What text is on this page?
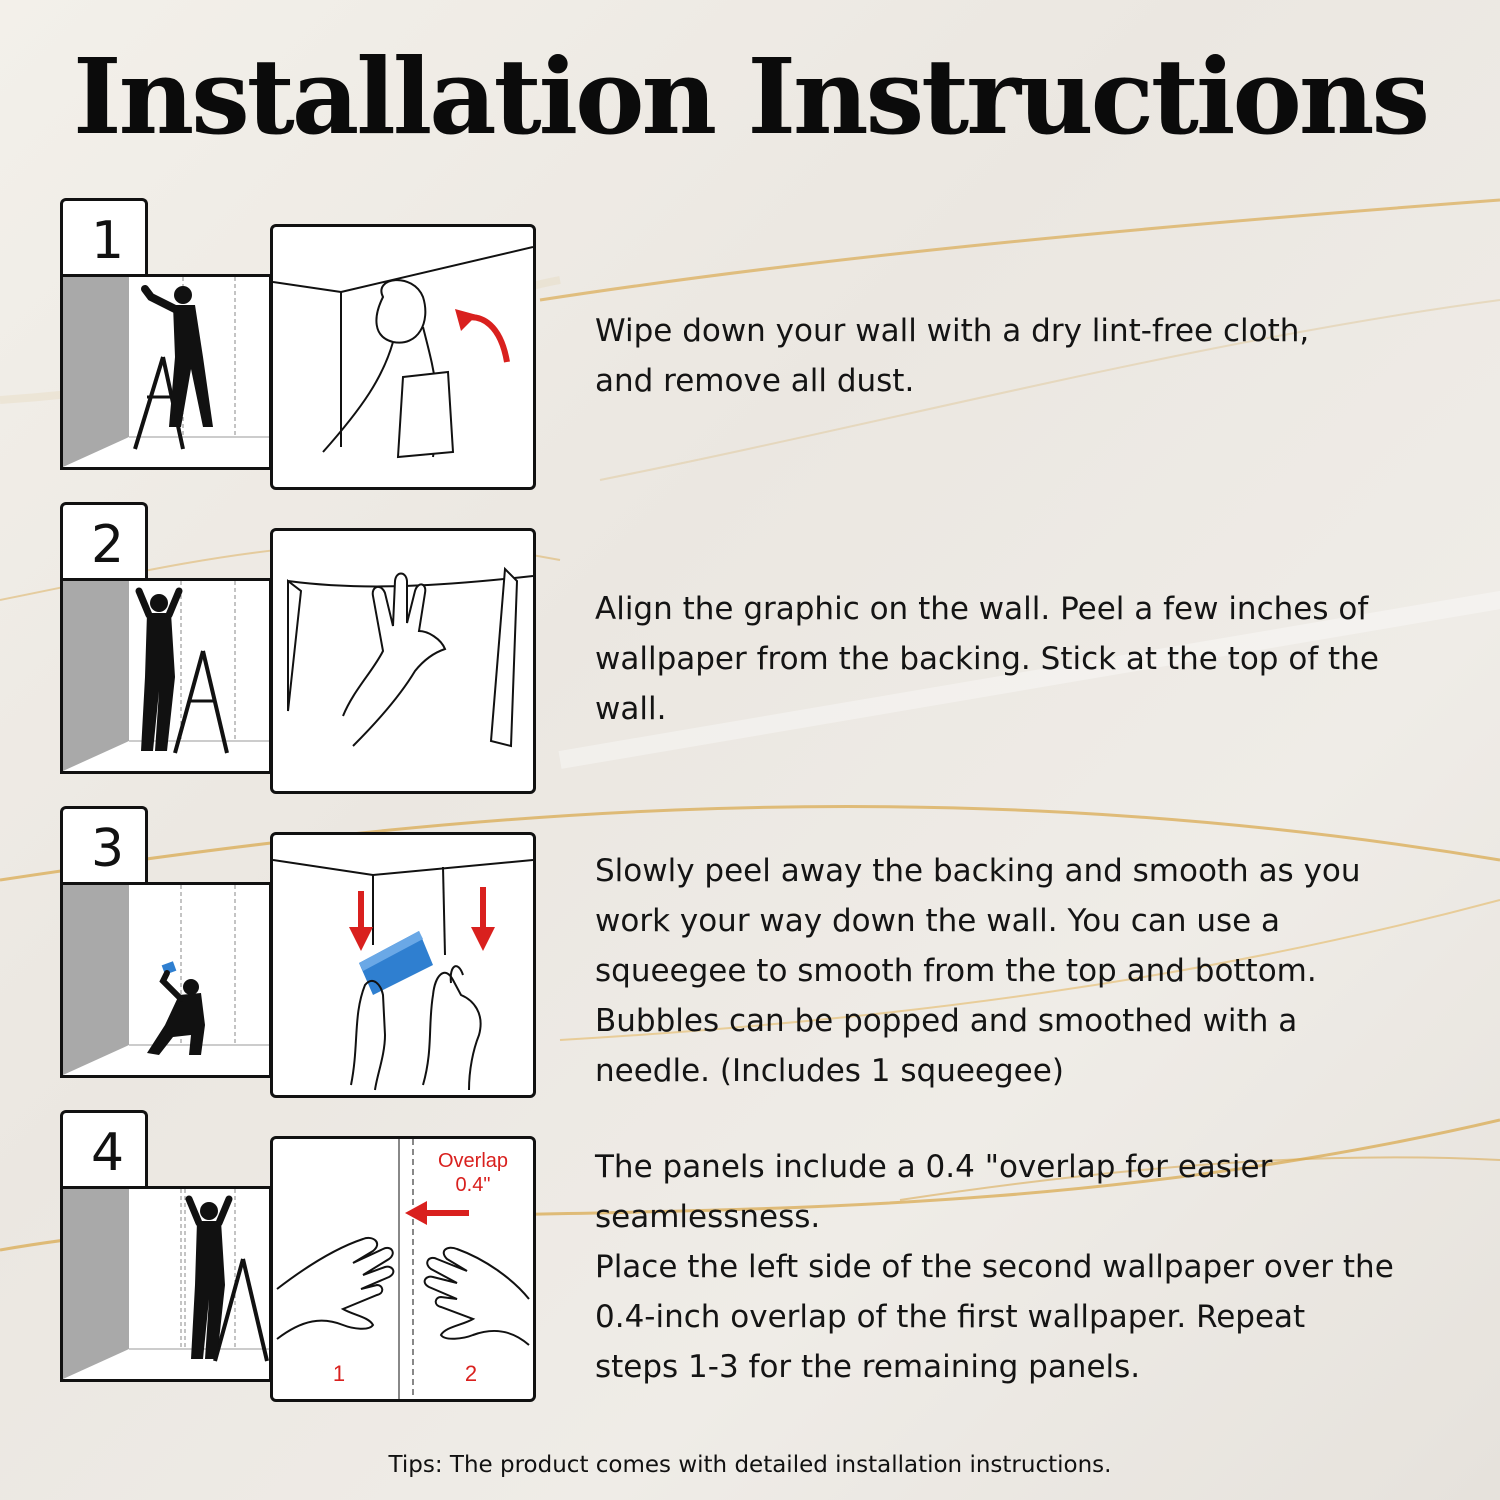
Installation Instructions
1

Wipe down your wall with a dry lint-free cloth,

and remove all dust.

2

Align the graphic on the wall. Peel a few inches of

wallpaper from the backing. Stick at the top of the

wall.

3	Slowly peel away the backing and smooth as you

work your way down the wall. You can use a

squeegee to smooth from the top and bottom.

Bubbles can be popped and smoothed with a

needle. (Includes 1 squeegee)

4	Overlap
0.4"
1	2

The panels include a 0.4 "overlap for easier

seamlessness.

Place the left side of the second wallpaper over the

0.4-inch overlap of the first wallpaper. Repeat

steps 1-3 for the remaining panels.

Tips: The product comes with detailed installation instructions.
